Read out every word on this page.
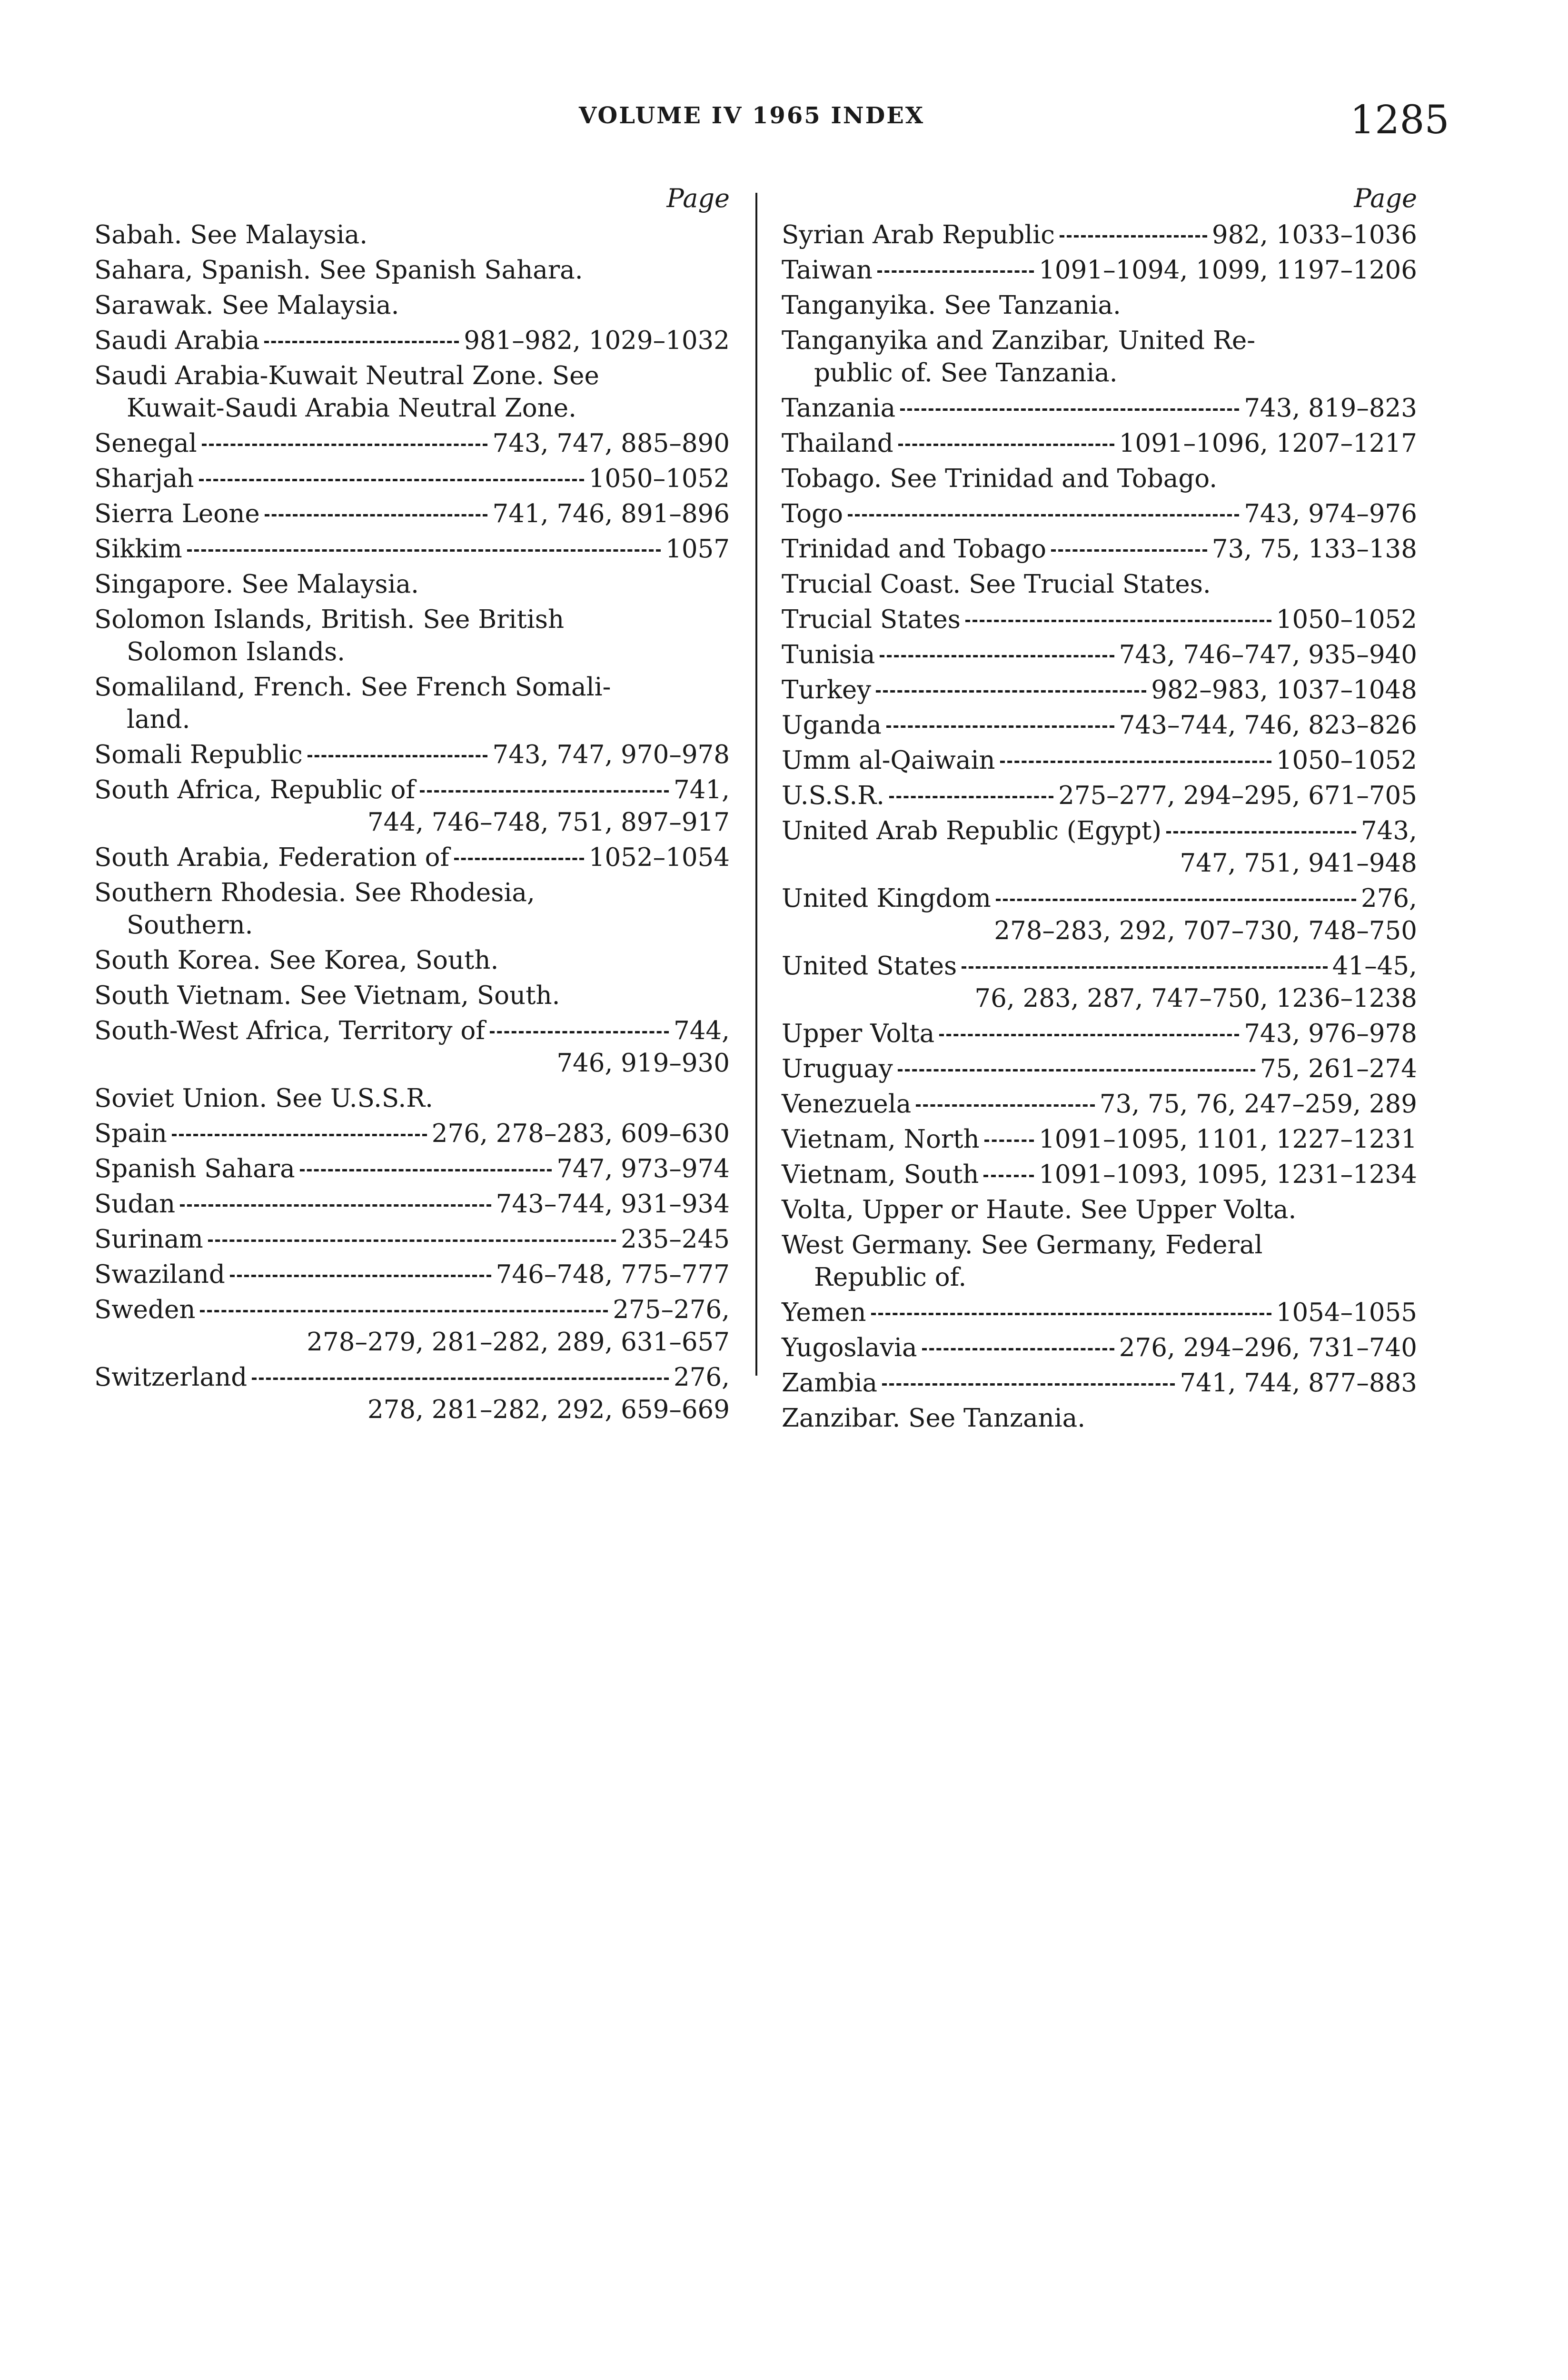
VOLUME IV 1965 INDEX	1285
Page
Sabah. See Malaysia.
Sahara, Spanish. See Spanish Sahara.
Sarawak. See Malaysia.
Saudi Arabia	981–982, 1029–1032
Saudi Arabia-Kuwait Neutral Zone. See
Kuwait-Saudi Arabia Neutral Zone.
Senegal	743, 747, 885–890
Sharjah	1050–1052
Sierra Leone	741, 746, 891–896
Sikkim	1057
Singapore. See Malaysia.
Solomon Islands, British. See British
Solomon Islands.
Somaliland, French. See French Somali-
land.
Somali Republic	743, 747, 970–978
South Africa, Republic of	741,
744, 746–748, 751, 897–917
South Arabia, Federation of	1052–1054
Southern Rhodesia. See Rhodesia,
Southern.
South Korea. See Korea, South.
South Vietnam. See Vietnam, South.
South-West Africa, Territory of	744,
746, 919–930
Soviet Union. See U.S.S.R.
Spain	276, 278–283, 609–630
Spanish Sahara	747, 973–974
Sudan	743–744, 931–934
Surinam	235–245
Swaziland	746–748, 775–777
Sweden	275–276,
278–279, 281–282, 289, 631–657
Switzerland	276,
278, 281–282, 292, 659–669
Page
Syrian Arab Republic	982, 1033–1036
Taiwan	1091–1094, 1099, 1197–1206
Tanganyika. See Tanzania.
Tanganyika and Zanzibar, United Re-
public of. See Tanzania.
Tanzania	743, 819–823
Thailand	1091–1096, 1207–1217
Tobago. See Trinidad and Tobago.
Togo	743, 974–976
Trinidad and Tobago	73, 75, 133–138
Trucial Coast. See Trucial States.
Trucial States	1050–1052
Tunisia	743, 746–747, 935–940
Turkey	982–983, 1037–1048
Uganda	743–744, 746, 823–826
Umm al-Qaiwain	1050–1052
U.S.S.R.	275–277, 294–295, 671–705
United Arab Republic (Egypt)	743,
747, 751, 941–948
United Kingdom	276,
278–283, 292, 707–730, 748–750
United States	41–45,
76, 283, 287, 747–750, 1236–1238
Upper Volta	743, 976–978
Uruguay	75, 261–274
Venezuela	73, 75, 76, 247–259, 289
Vietnam, North 1091–1095, 1101, 1227–1231
Vietnam, South 1091–1093, 1095, 1231–1234
Volta, Upper or Haute. See Upper Volta.
West Germany. See Germany, Federal
Republic of.
Yemen	1054–1055
Yugoslavia	276, 294–296, 731–740
Zambia	741, 744, 877–883
Zanzibar. See Tanzania.
